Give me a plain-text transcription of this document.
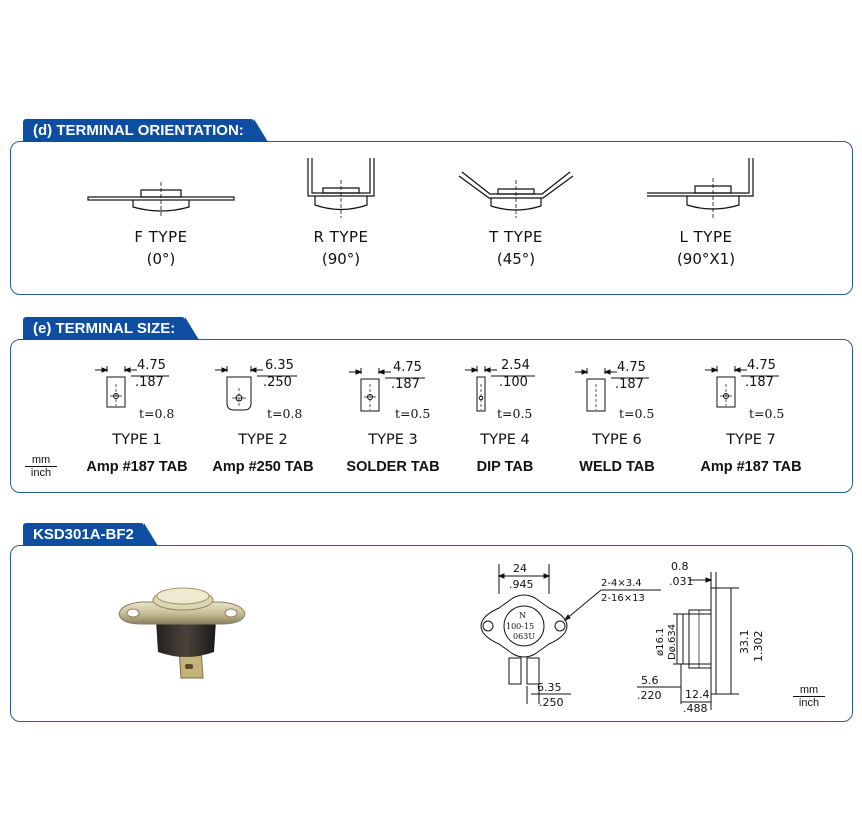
(d) TERMINAL ORIENTATION:
F TYPE
(0°)
R TYPE
(90°)
T TYPE
(45°)
L TYPE
(90°X1)
(e) TERMINAL SIZE:
mm
inch
4.75
.187
t=0.8
TYPE 1
Amp #187 TAB
6.35
.250
t=0.8
TYPE 2
Amp #250 TAB
4.75
.187
t=0.5
TYPE 3
SOLDER TAB
2.54
.100
t=0.5
TYPE 4
DIP TAB
4.75
.187
t=0.5
TYPE 6
WELD TAB
4.75
.187
t=0.5
TYPE 7
Amp #187 TAB
KSD301A-BF2
24
.945	2-4×3.4
2-16×13
N
100-15
063U
6.35
.250
0.8
.031
ø16.1 Dø.634	33.1 1.302
5.6
.220 12.4
.488
mm
inch
